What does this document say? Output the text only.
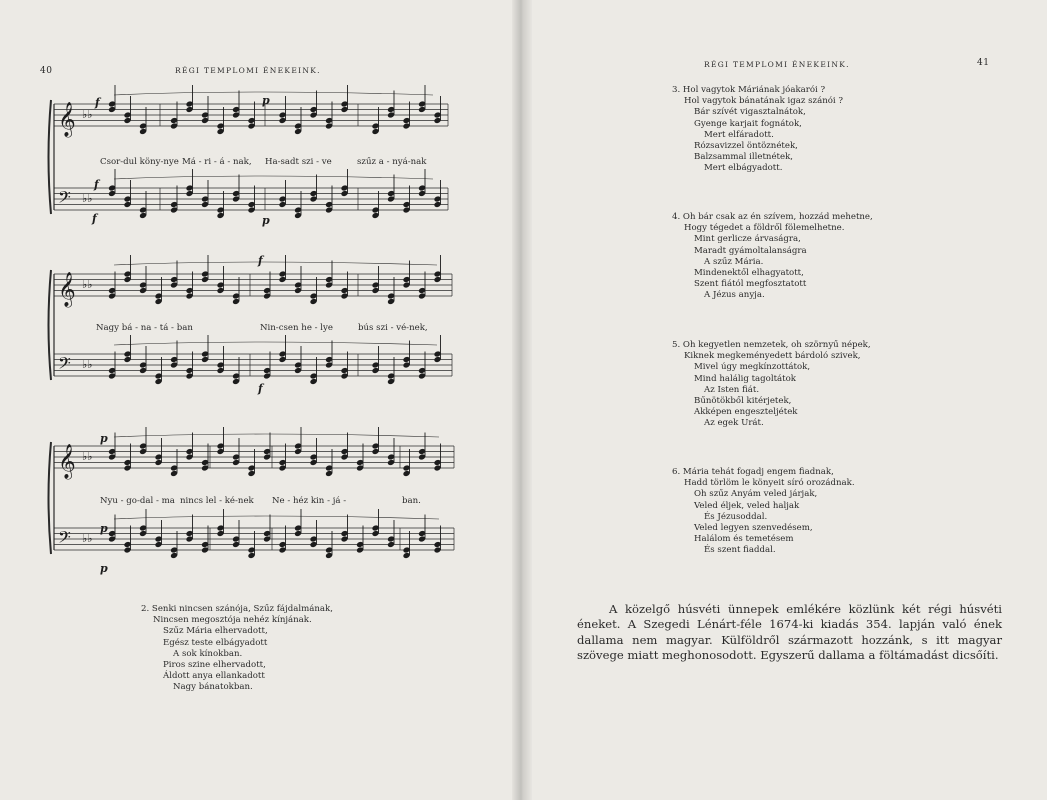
40	RÉGI TEMPLOMI ÉNEKEINK.
𝄞 ♭♭
𝄢 ♭♭
𝄞 ♭♭
𝄢 ♭♭
𝄞 ♭♭
𝄢 ♭♭
Csor-dul köny-nye Má - ri - á - nak, Ha-sadt szi - ve	szűz a - nyá-nak
Nagy bá - na - tá - ban	Nin-csen he - lye	bús szi - vé-nek,
Nyu - go-dal - ma nincs lel - ké-nek Ne - héz kin - já -	ban.
f	p
f
f	p
f
f
p
p
p
2. Senki nincsen szánója, Szűz fájdalmának,
Nincsen megosztója nehéz kínjának.
Szűz Mária elhervadott,
Egész teste elbágyadott
A sok kínokban.
Piros szine elhervadott,
Áldott anya ellankadott
Nagy bánatokban.
RÉGI TEMPLOMI ÉNEKEINK.	41
3. Hol vagytok Máriának jóakarói ?
Hol vagytok bánatának igaz szánói ?
Bár szívét vigasztalnátok,
Gyenge karjait fognátok,
Mert elfáradott.
Rózsavizzel öntöznétek,
Balzsammal illetnétek,
Mert elbágyadott.
4. Oh bár csak az én szívem, hozzád mehetne,
Hogy tégedet a földről fölemelhetne.
Mint gerlicze árvaságra,
Maradt gyámoltalanságra
A szűz Mária.
Mindenektől elhagyatott,
Szent fiától megfosztatott
A Jézus anyja.
5. Oh kegyetlen nemzetek, oh szörnyű népek,
Kiknek megkeményedett bárdoló szivek,
Mivel úgy megkínzottátok,
Mind halálig tagoltátok
Az Isten fiát.
Bűnötökből kitérjetek,
Akképen engeszteljétek
Az egek Urát.
6. Mária tehát fogadj engem fiadnak,
Hadd törlöm le könyeit síró orozádnak.
Oh szűz Anyám veled járjak,
Veled éljek, veled haljak
És Jézusoddal.
Veled legyen szenvedésem,
Halálom és temetésem
És szent fiaddal.

A közelgő húsvéti ünnepek emlékére közlünk két régi húsvéti éneket. A Szegedi Lénárt-féle 1674-ki kiadás 354. lapján való ének dallama nem magyar. Külföldről származott hozzánk, s itt magyar szövege miatt meghonosodott. Egyszerű dallama a föltámadást dicsőíti.
